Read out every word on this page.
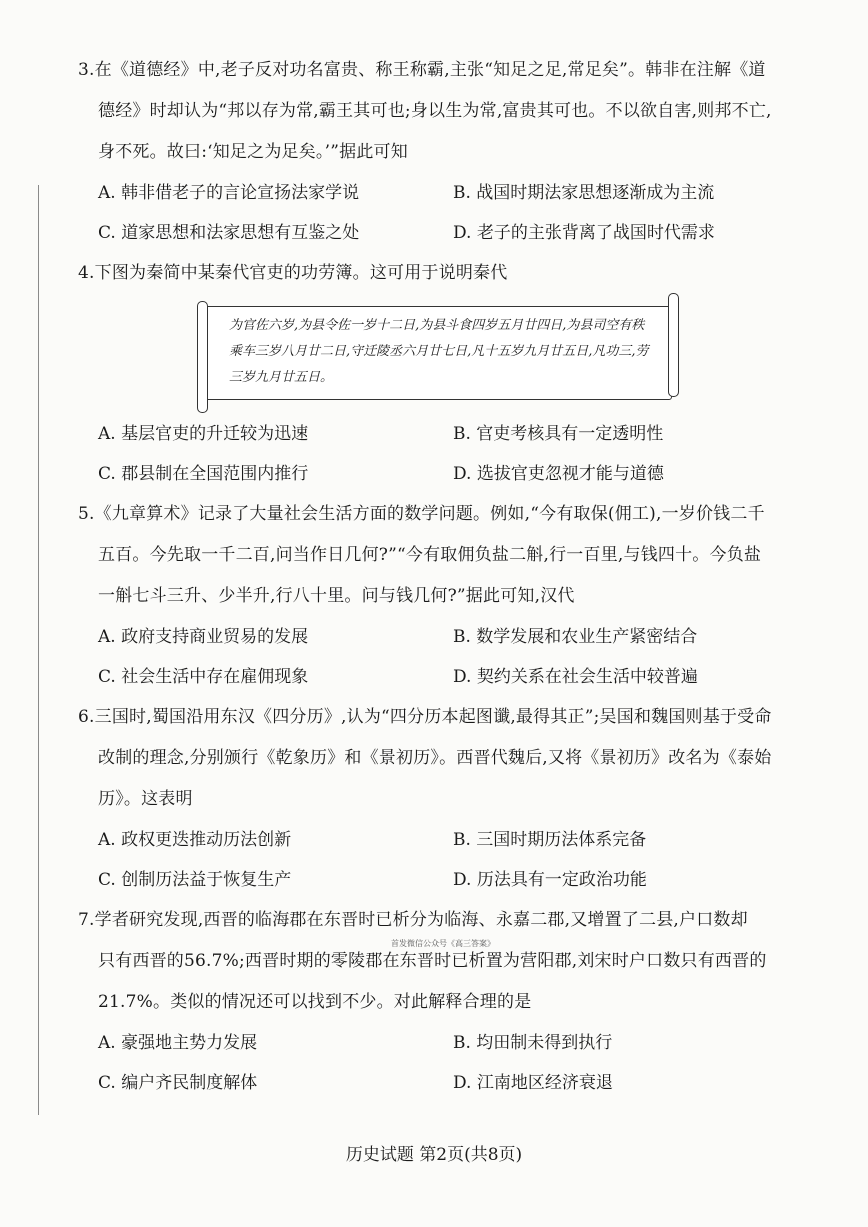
3.在《道德经》中,老子反对功名富贵、称王称霸,主张“知足之足,常足矣”。韩非在注解《道德经》时却认为“邦以存为常,霸王其可也;身以生为常,富贵其可也。不以欲自害,则邦不亡,身不死。故曰:‘知足之为足矣。’”据此可知

A. 韩非借老子的言论宣扬法家学说	B. 战国时期法家思想逐渐成为主流
C. 道家思想和法家思想有互鉴之处	D. 老子的主张背离了战国时代需求

4.下图为秦简中某秦代官吏的功劳簿。这可用于说明秦代

为官佐六岁,为县令佐一岁十二日,为县斗食四岁五月廿四日,为县司空有秩乘车三岁八月廿二日,守迁陵丞六月廿七日,凡十五岁九月廿五日,凡功三,劳三岁九月廿五日。
A. 基层官吏的升迁较为迅速	B. 官吏考核具有一定透明性
C. 郡县制在全国范围内推行	D. 选拔官吏忽视才能与道德

5.《九章算术》记录了大量社会生活方面的数学问题。例如,“今有取保(佣工),一岁价钱二千五百。今先取一千二百,问当作日几何?”“今有取佣负盐二斛,行一百里,与钱四十。今负盐一斛七斗三升、少半升,行八十里。问与钱几何?”据此可知,汉代

A. 政府支持商业贸易的发展	B. 数学发展和农业生产紧密结合
C. 社会生活中存在雇佣现象	D. 契约关系在社会生活中较普遍

6.三国时,蜀国沿用东汉《四分历》,认为“四分历本起图谶,最得其正”;吴国和魏国则基于受命改制的理念,分别颁行《乾象历》和《景初历》。西晋代魏后,又将《景初历》改名为《泰始历》。这表明

A. 政权更迭推动历法创新	B. 三国时期历法体系完备
C. 创制历法益于恢复生产	D. 历法具有一定政治功能

7.学者研究发现,西晋的临海郡在东晋时已析分为临海、永嘉二郡,又增置了二县,户口数却

首发微信公众号《高三答案》

只有西晋的56.7%;西晋时期的零陵郡在东晋时已析置为营阳郡,刘宋时户口数只有西晋的21.7%。类似的情况还可以找到不少。对此解释合理的是

A. 豪强地主势力发展	B. 均田制未得到执行
C. 编户齐民制度解体	D. 江南地区经济衰退
历史试题 第2页(共8页)
